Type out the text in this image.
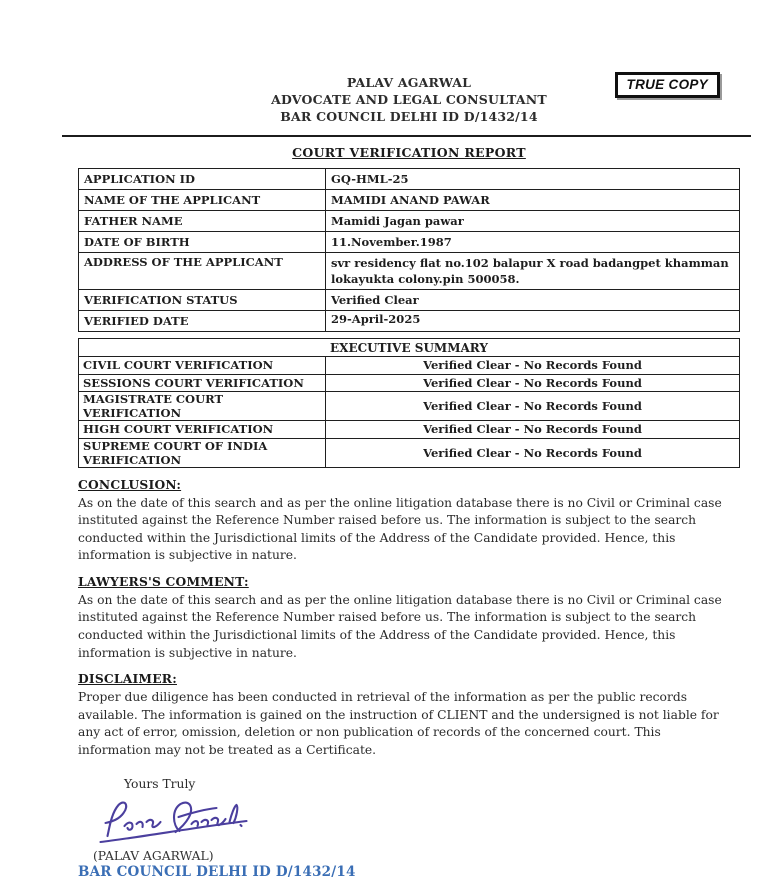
TRUE COPY
PALAV AGARWAL
ADVOCATE AND LEGAL CONSULTANT
BAR COUNCIL DELHI ID D/1432/14
COURT VERIFICATION REPORT
APPLICATION ID	GQ-HML-25
NAME OF THE APPLICANT	MAMIDI ANAND PAWAR
FATHER NAME	Mamidi Jagan pawar
DATE OF BIRTH	11.November.1987
ADDRESS OF THE APPLICANT	svr residency flat no.102 balapur X road badangpet khamman lokayukta colony.pin 500058.
VERIFICATION STATUS	Verified Clear
VERIFIED DATE	29-April-2025
EXECUTIVE SUMMARY	
CIVIL COURT VERIFICATION	Verified Clear - No Records Found
SESSIONS COURT VERIFICATION	Verified Clear - No Records Found
MAGISTRATE COURT VERIFICATION	Verified Clear - No Records Found
HIGH COURT VERIFICATION	Verified Clear - No Records Found
SUPREME COURT OF INDIA VERIFICATION	Verified Clear - No Records Found
CONCLUSION:

As on the date of this search and as per the online litigation database there is no Civil or Criminal case instituted against the Reference Number raised before us. The information is subject to the search conducted within the Jurisdictional limits of the Address of the Candidate provided. Hence, this information is subjective in nature.

LAWYERS'S COMMENT:

As on the date of this search and as per the online litigation database there is no Civil or Criminal case instituted against the Reference Number raised before us. The information is subject to the search conducted within the Jurisdictional limits of the Address of the Candidate provided. Hence, this information is subjective in nature.

DISCLAIMER:

Proper due diligence has been conducted in retrieval of the information as per the public records available. The information is gained on the instruction of CLIENT and the undersigned is not liable for any act of error, omission, deletion or non publication of records of the concerned court. This information may not be treated as a Certificate.

Yours Truly
(PALAV AGARWAL)
BAR COUNCIL DELHI ID D/1432/14
